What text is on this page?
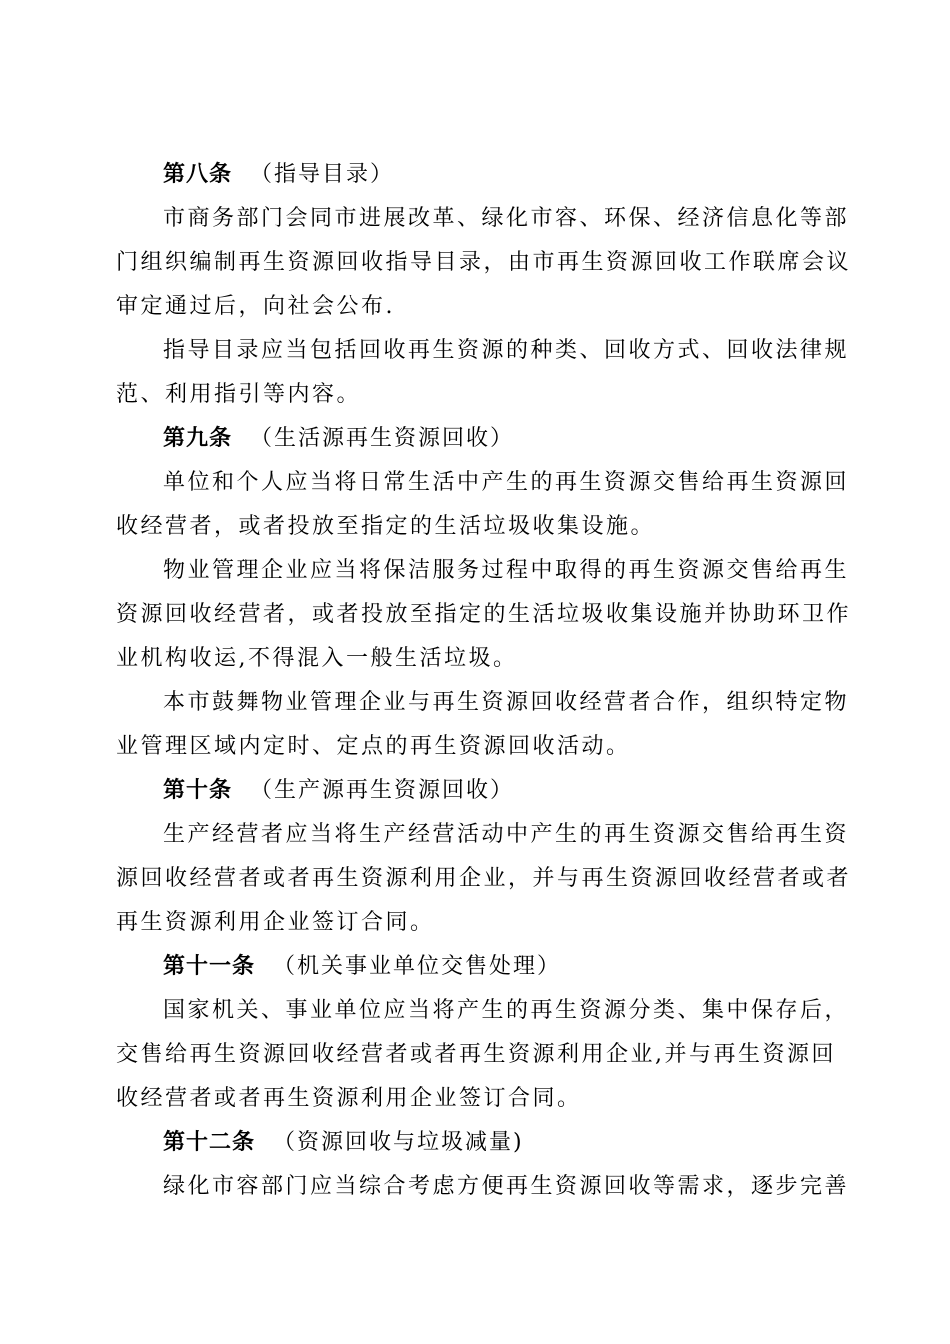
第八条 （指导目录）
市商务部门会同市进展改革、绿化市容、环保、经济信息化等部
门组织编制再生资源回收指导目录，由市再生资源回收工作联席会议
审定通过后，向社会公布.
指导目录应当包括回收再生资源的种类、回收方式、回收法律规
范、利用指引等内容。
第九条 （生活源再生资源回收）
单位和个人应当将日常生活中产生的再生资源交售给再生资源回
收经营者，或者投放至指定的生活垃圾收集设施。
物业管理企业应当将保洁服务过程中取得的再生资源交售给再生
资源回收经营者，或者投放至指定的生活垃圾收集设施并协助环卫作
业机构收运,不得混入一般生活垃圾。
本市鼓舞物业管理企业与再生资源回收经营者合作，组织特定物
业管理区域内定时、定点的再生资源回收活动。
第十条 （生产源再生资源回收）
生产经营者应当将生产经营活动中产生的再生资源交售给再生资
源回收经营者或者再生资源利用企业，并与再生资源回收经营者或者
再生资源利用企业签订合同。
第十一条 （机关事业单位交售处理）
国家机关、事业单位应当将产生的再生资源分类、集中保存后，
交售给再生资源回收经营者或者再生资源利用企业,并与再生资源回
收经营者或者再生资源利用企业签订合同。
第十二条 （资源回收与垃圾减量)
绿化市容部门应当综合考虑方便再生资源回收等需求，逐步完善
